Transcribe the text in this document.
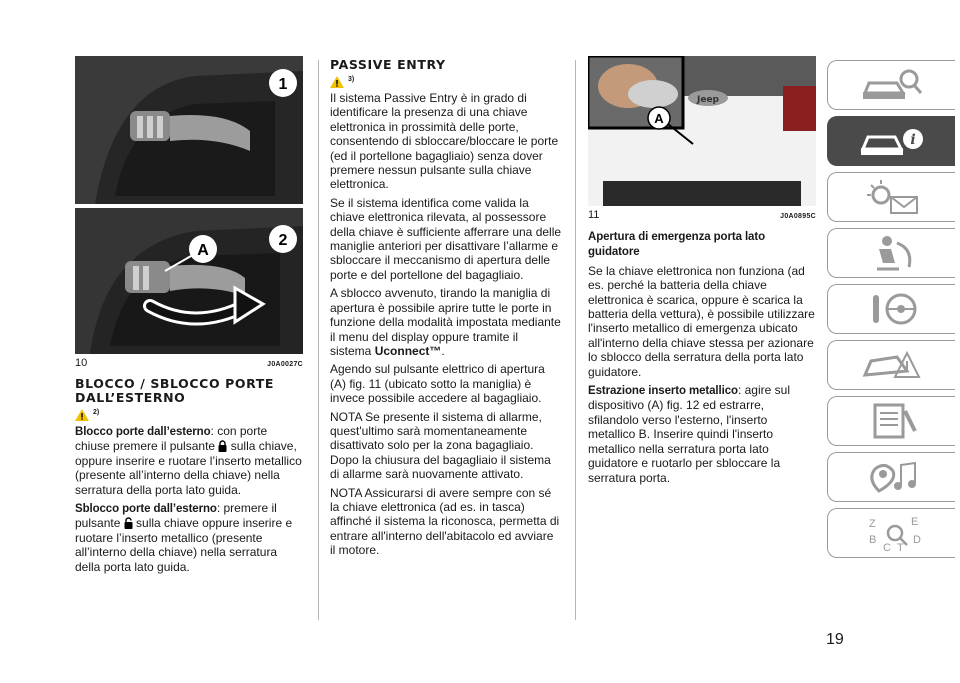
1
A
2
10	J0A0027C
BLOCCO / SBLOCCO PORTE DALL’ESTERNO
2)

Blocco porte dall’esterno: con porte chiuse premere il pulsante  sulla chiave, oppure inserire e ruotare l’inserto metallico (presente all’interno della chiave) nella serratura della porta lato guida.

Sblocco porte dall’esterno: premere il pulsante  sulla chiave oppure inserire e ruotare l’inserto metallico (presente all’interno della chiave) nella serratura della porta lato guida.

PASSIVE ENTRY
3)

Il sistema Passive Entry è in grado di identificare la presenza di una chiave elettronica in prossimità delle porte, consentendo di sbloccare/bloccare le porte (ed il portellone bagagliaio) senza dover premere nessun pulsante sulla chiave elettronica.

Se il sistema identifica come valida la chiave elettronica rilevata, al possessore della chiave è sufficiente afferrare una delle maniglie anteriori per disattivare l’allarme e sbloccare il meccanismo di apertura delle porte e del portellone del bagagliaio.

A sblocco avvenuto, tirando la maniglia di apertura è possibile aprire tutte le porte in funzione della modalità impostata mediante il menu del display oppure tramite il sistema Uconnect™.

Agendo sul pulsante elettrico di apertura (A) fig. 11 (ubicato sotto la maniglia) è invece possibile accedere al bagagliaio.

NOTA Se presente il sistema di allarme, quest'ultimo sarà momentaneamente disattivato solo per la zona bagagliaio. Dopo la chiusura del bagagliaio il sistema di allarme sarà nuovamente attivato.

NOTA Assicurarsi di avere sempre con sé la chiave elettronica (ad es. in tasca) affinché il sistema la riconosca, permetta di entrare all'interno dell'abitacolo ed avviare il motore.

Jeep
A
11	J0A0895C

Apertura di emergenza porta lato guidatore

Se la chiave elettronica non funziona (ad es. perché la batteria della chiave elettronica è scarica, oppure è scarica la batteria della vettura), è possibile utilizzare l'inserto metallico di emergenza ubicato all'interno della chiave stessa per azionare lo sblocco della serratura della porta lato guidatore.

Estrazione inserto metallico: agire sul dispositivo (A) fig. 12 ed estrarre, sfilandolo verso l'esterno, l'inserto metallico B. Inserire quindi l'inserto metallico nella serratura porta lato guidatore e ruotarlo per sbloccare la serratura porta.

i
Z	E
B
C T
D
19
